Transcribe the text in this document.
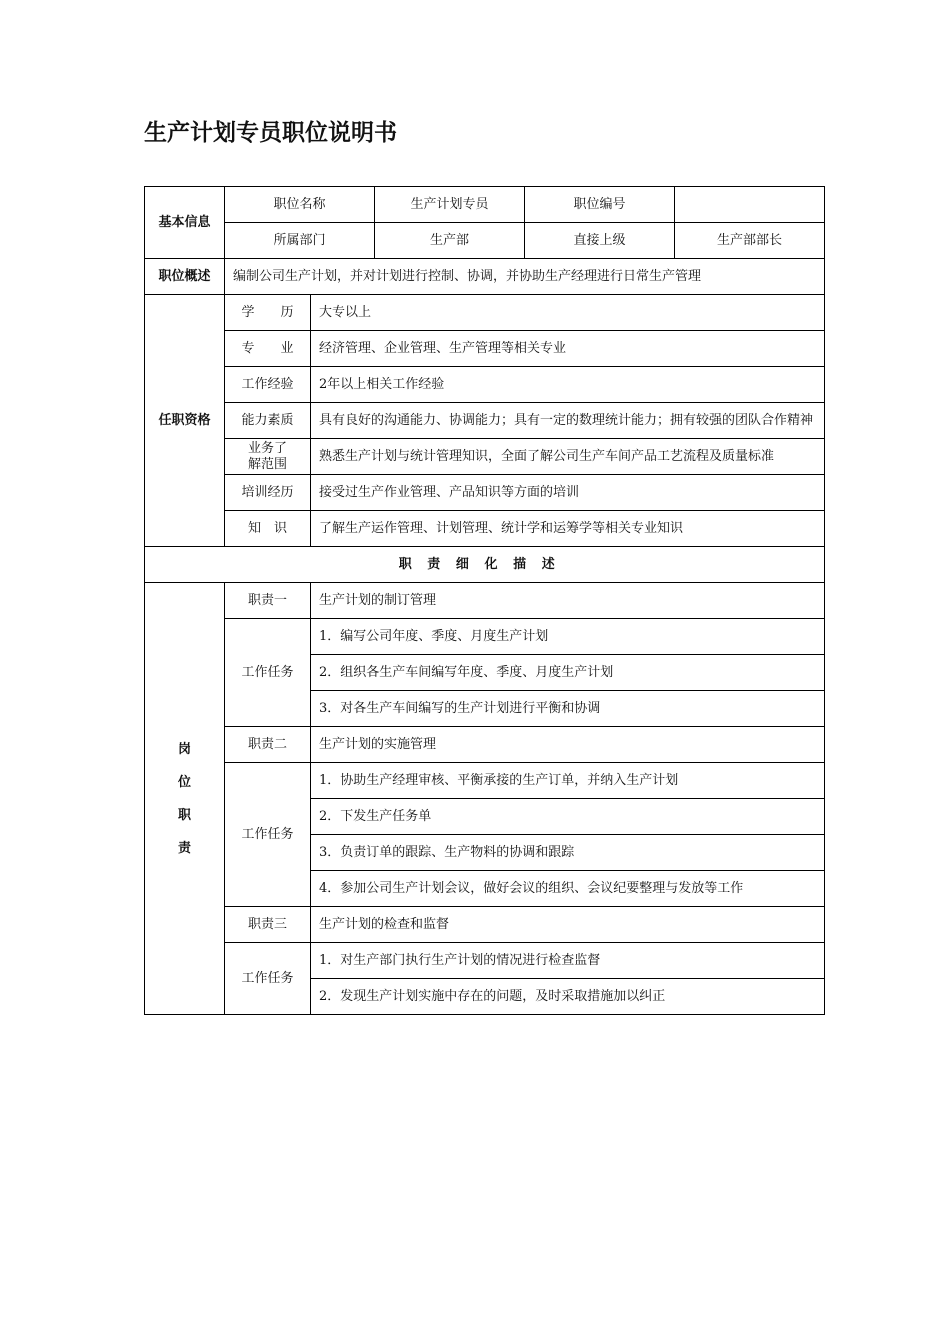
生产计划专员职位说明书
基本信息	职位名称		生产计划专员	职位编号	
	所属部门		生产部	直接上级	生产部部长
职位概述	编制公司生产计划，并对计划进行控制、协调，并协助生产经理进行日常生产管理				
任职资格	学　　历	大专以上			
	专　　业	经济管理、企业管理、生产管理等相关专业			
	工作经验	2年以上相关工作经验			
	能力素质	具有良好的沟通能力、协调能力；具有一定的数理统计能力；拥有较强的团队合作精神			
	业务了解范围	熟悉生产计划与统计管理知识，全面了解公司生产车间产品工艺流程及质量标准			
	培训经历	接受过生产作业管理、产品知识等方面的培训			
	知　识	了解生产运作管理、计划管理、统计学和运筹学等相关专业知识			
职责细化描述					

岗
位
职
责	职责一	生产计划的制订管理			
	工作任务	1．编写公司年度、季度、月度生产计划			
		2．组织各生产车间编写年度、季度、月度生产计划			
		3．对各生产车间编写的生产计划进行平衡和协调			
	职责二	生产计划的实施管理			
	工作任务	1．协助生产经理审核、平衡承接的生产订单，并纳入生产计划			
		2．下发生产任务单			
		3．负责订单的跟踪、生产物料的协调和跟踪			
		4．参加公司生产计划会议，做好会议的组织、会议纪要整理与发放等工作			
	职责三	生产计划的检查和监督			
	工作任务	1．对生产部门执行生产计划的情况进行检查监督			
		2．发现生产计划实施中存在的问题，及时采取措施加以纠正			
